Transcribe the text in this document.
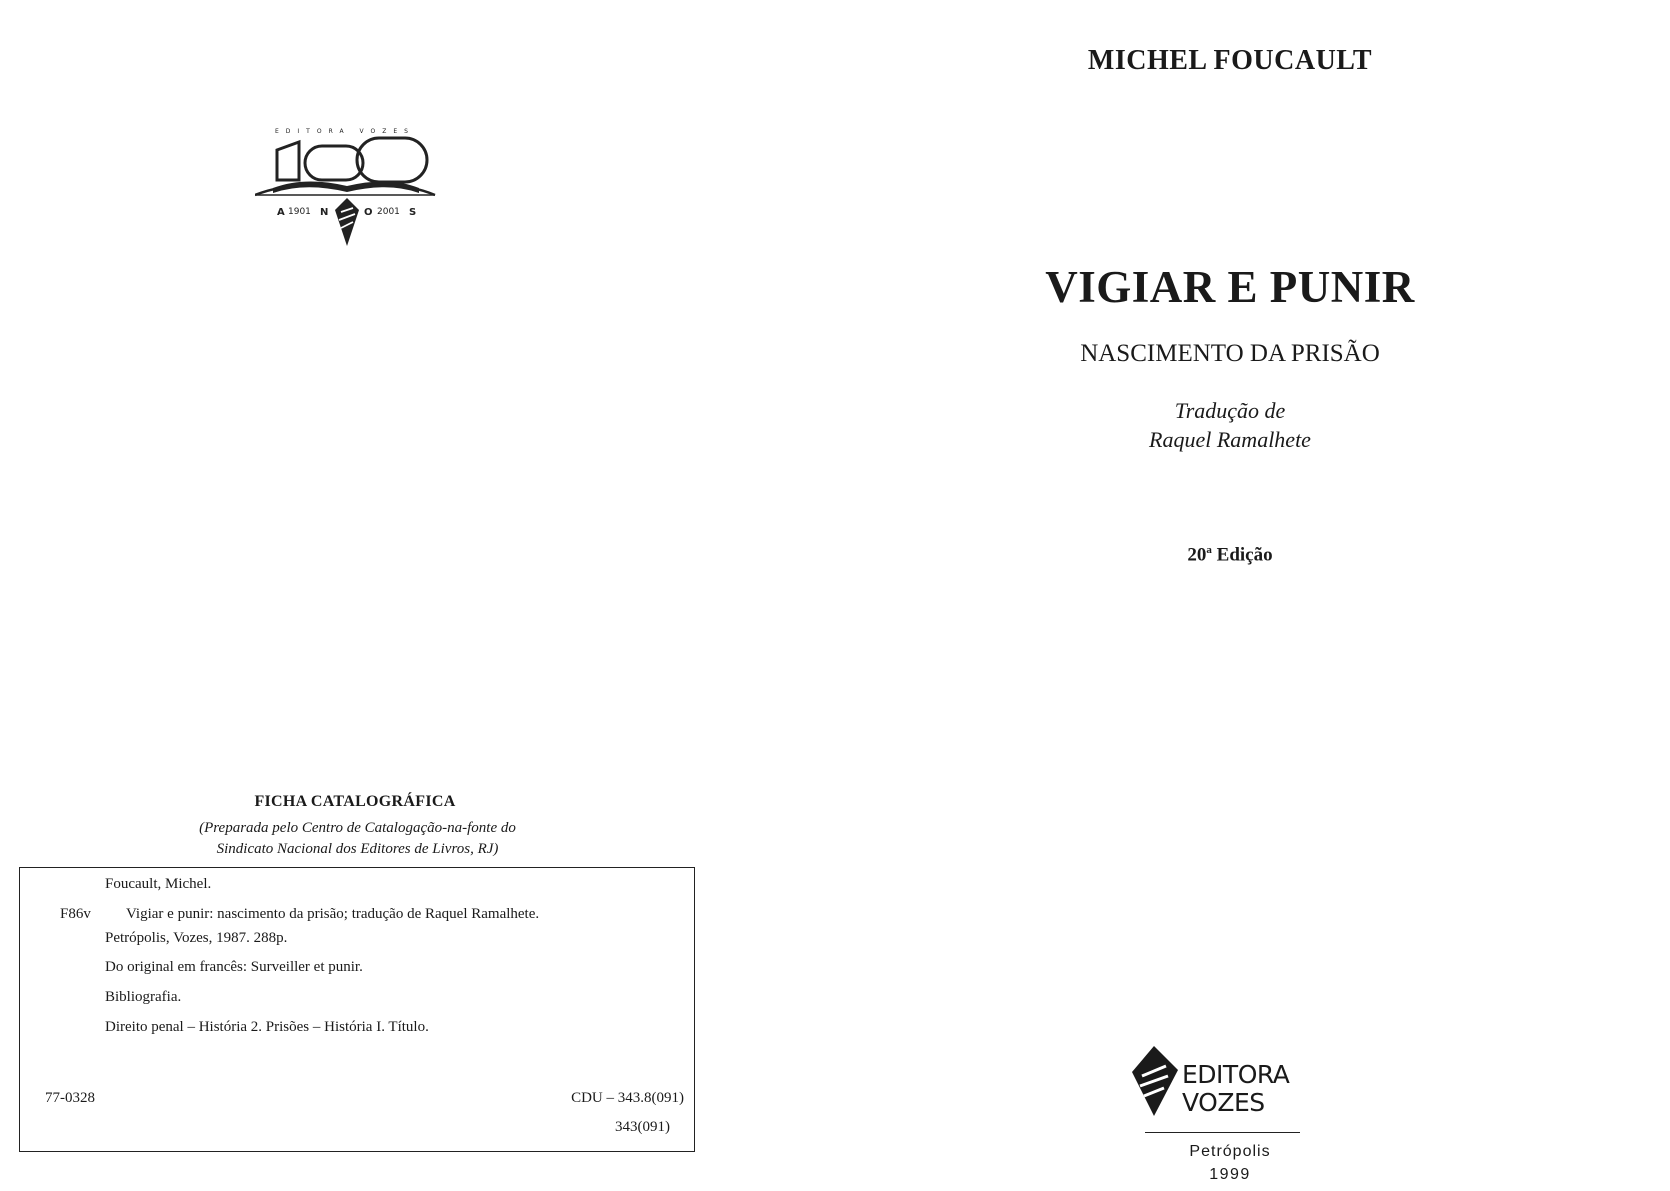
EDITORA VOZES
A 1901 N	O 2001 S
FICHA CATALOGRÁFICA
(Preparada pelo Centro de Catalogação-na-fonte do
Sindicato Nacional dos Editores de Livros, RJ)
Foucault, Michel.
F86v Vigiar e punir: nascimento da prisão; tradução de Raquel Ramalhete.
Petrópolis, Vozes, 1987. 288p.
Do original em francês: Surveiller et punir.
Bibliografia.
Direito penal – História 2. Prisões – História I. Título.
77-0328	CDU – 343.8(091)
343(091)
MICHEL FOUCAULT
VIGIAR E PUNIR
NASCIMENTO DA PRISÃO
Tradução de
Raquel Ramalhete
20$^a$ Edição
EDITORA
VOZES
Petrópolis
1999
